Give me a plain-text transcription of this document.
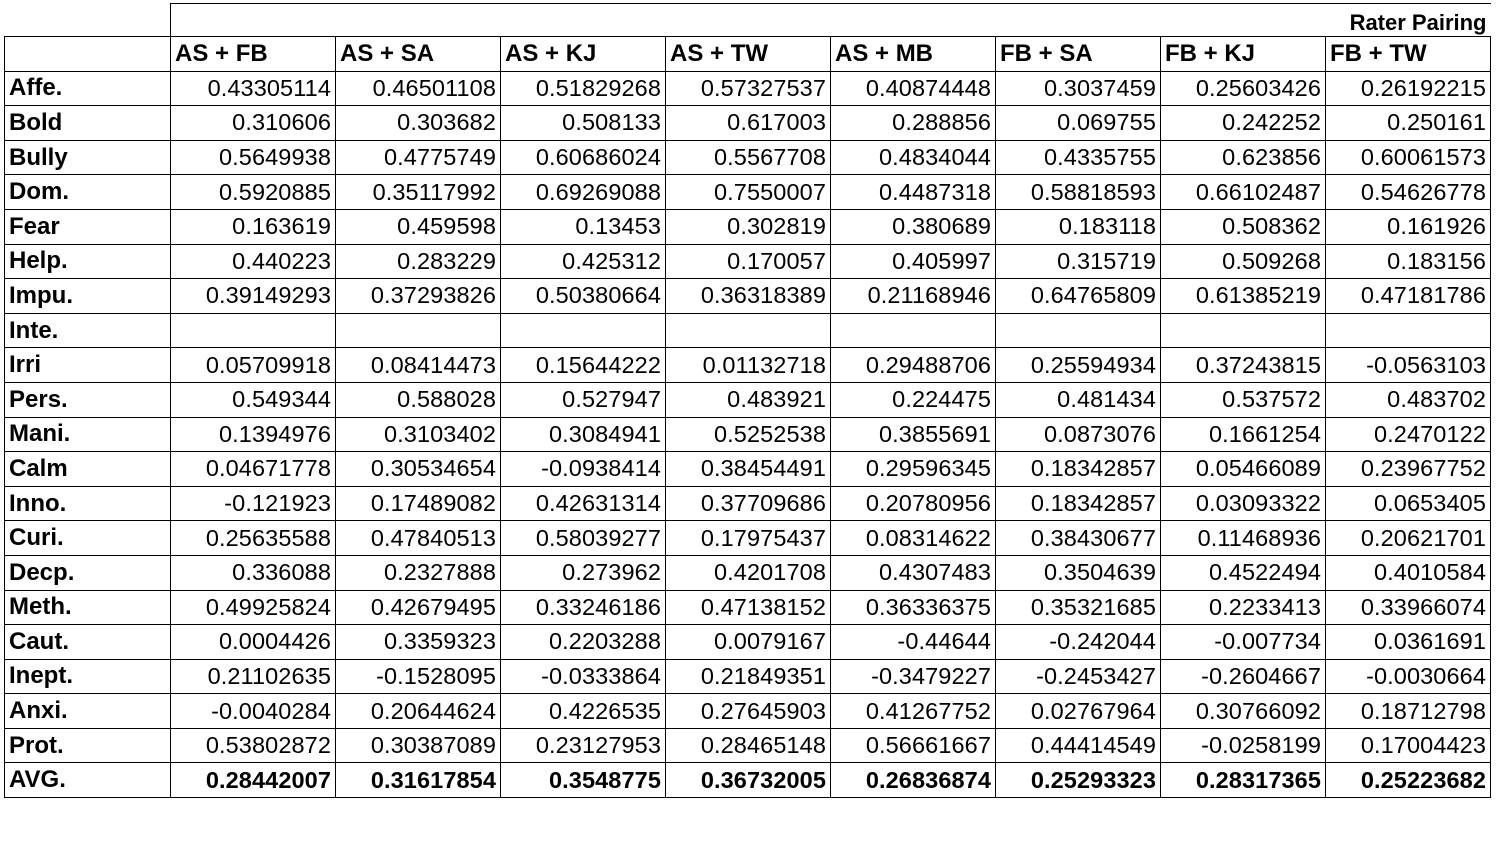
	Rater Pairing							
	AS + FB	AS + SA	AS + KJ	AS + TW	AS + MB	FB + SA	FB + KJ	FB + TW
Affe.	0.43305114	0.46501108	0.51829268	0.57327537	0.40874448	0.3037459	0.25603426	0.26192215
Bold	0.310606	0.303682	0.508133	0.617003	0.288856	0.069755	0.242252	0.250161
Bully	0.5649938	0.4775749	0.60686024	0.5567708	0.4834044	0.4335755	0.623856	0.60061573
Dom.	0.5920885	0.35117992	0.69269088	0.7550007	0.4487318	0.58818593	0.66102487	0.54626778
Fear	0.163619	0.459598	0.13453	0.302819	0.380689	0.183118	0.508362	0.161926
Help.	0.440223	0.283229	0.425312	0.170057	0.405997	0.315719	0.509268	0.183156
Impu.	0.39149293	0.37293826	0.50380664	0.36318389	0.21168946	0.64765809	0.61385219	0.47181786
Inte.								
Irri	0.05709918	0.08414473	0.15644222	0.01132718	0.29488706	0.25594934	0.37243815	-0.0563103
Pers.	0.549344	0.588028	0.527947	0.483921	0.224475	0.481434	0.537572	0.483702
Mani.	0.1394976	0.3103402	0.3084941	0.5252538	0.3855691	0.0873076	0.1661254	0.2470122
Calm	0.04671778	0.30534654	-0.0938414	0.38454491	0.29596345	0.18342857	0.05466089	0.23967752
Inno.	-0.121923	0.17489082	0.42631314	0.37709686	0.20780956	0.18342857	0.03093322	0.0653405
Curi.	0.25635588	0.47840513	0.58039277	0.17975437	0.08314622	0.38430677	0.11468936	0.20621701
Decp.	0.336088	0.2327888	0.273962	0.4201708	0.4307483	0.3504639	0.4522494	0.4010584
Meth.	0.49925824	0.42679495	0.33246186	0.47138152	0.36336375	0.35321685	0.2233413	0.33966074
Caut.	0.0004426	0.3359323	0.2203288	0.0079167	-0.44644	-0.242044	-0.007734	0.0361691
Inept.	0.21102635	-0.1528095	-0.0333864	0.21849351	-0.3479227	-0.2453427	-0.2604667	-0.0030664
Anxi.	-0.0040284	0.20644624	0.4226535	0.27645903	0.41267752	0.02767964	0.30766092	0.18712798
Prot.	0.53802872	0.30387089	0.23127953	0.28465148	0.56661667	0.44414549	-0.0258199	0.17004423
AVG.	0.28442007	0.31617854	0.3548775	0.36732005	0.26836874	0.25293323	0.28317365	0.25223682
